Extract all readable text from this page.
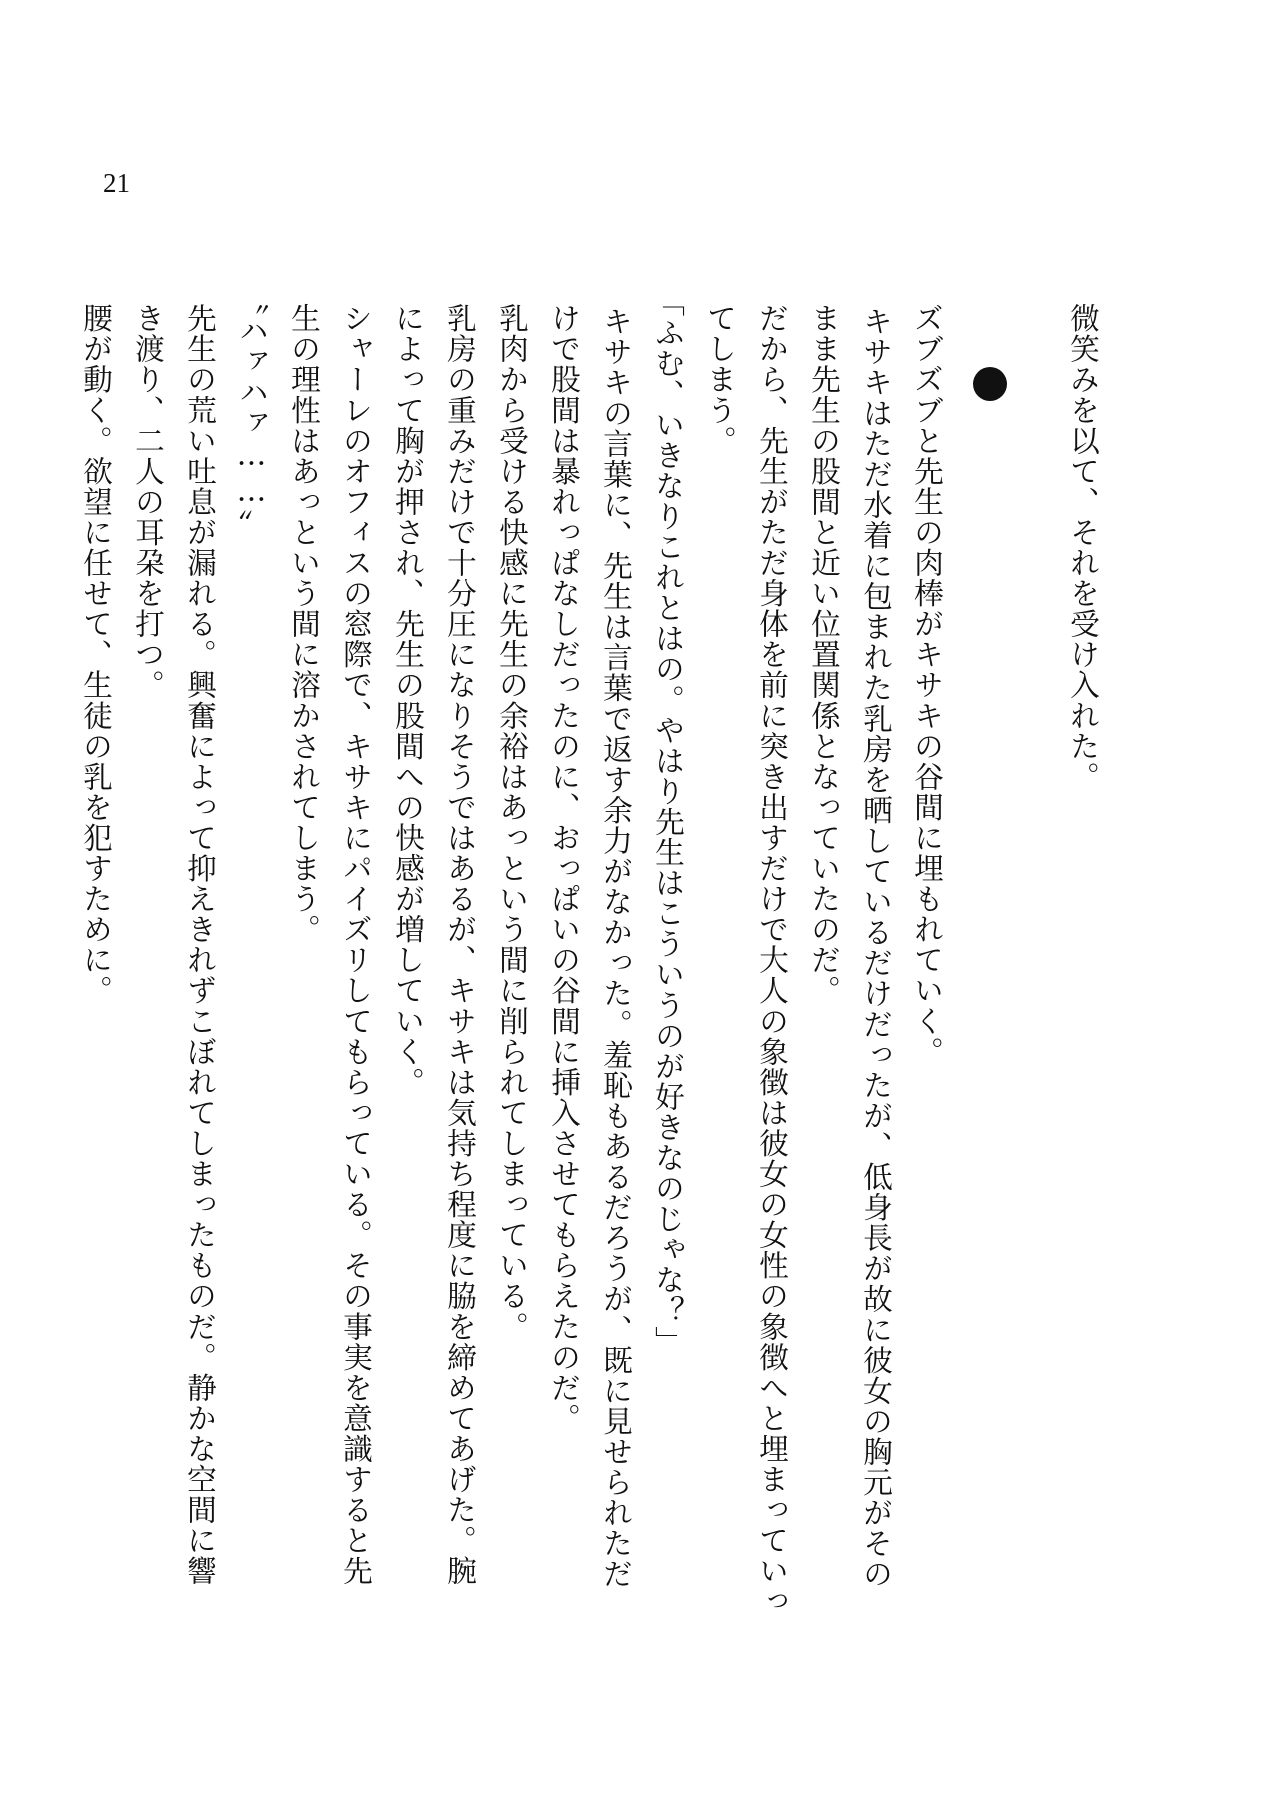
21
微笑みを以て、それを受け入れた。
ズブズブと先生の肉棒がキサキの谷間に埋もれていく。
キサキはただ水着に包まれた乳房を晒しているだけだったが、低身長が故に彼女の胸元がその
まま先生の股間と近い位置関係となっていたのだ。
だから、先生がただ身体を前に突き出すだけで大人の象徴は彼女の女性の象徴へと埋まっていっ
てしまう。
「ふむ、いきなりこれとはの。やはり先生はこういうのが好きなのじゃな？」
キサキの言葉に、先生は言葉で返す余力がなかった。羞恥もあるだろうが、既に見せられただ
けで股間は暴れっぱなしだったのに、おっぱいの谷間に挿入させてもらえたのだ。
乳肉から受ける快感に先生の余裕はあっという間に削られてしまっている。
乳房の重みだけで十分圧になりそうではあるが、キサキは気持ち程度に脇を締めてあげた。腕
によって胸が押され、先生の股間への快感が増していく。
シャーレのオフィスの窓際で、キサキにパイズリしてもらっている。その事実を意識すると先
生の理性はあっという間に溶かされてしまう。
〝ハァハァ……〟
先生の荒い吐息が漏れる。興奮によって抑えきれずこぼれてしまったものだ。静かな空間に響
き渡り、二人の耳朶を打つ。
腰が動く。欲望に任せて、生徒の乳を犯すために。
